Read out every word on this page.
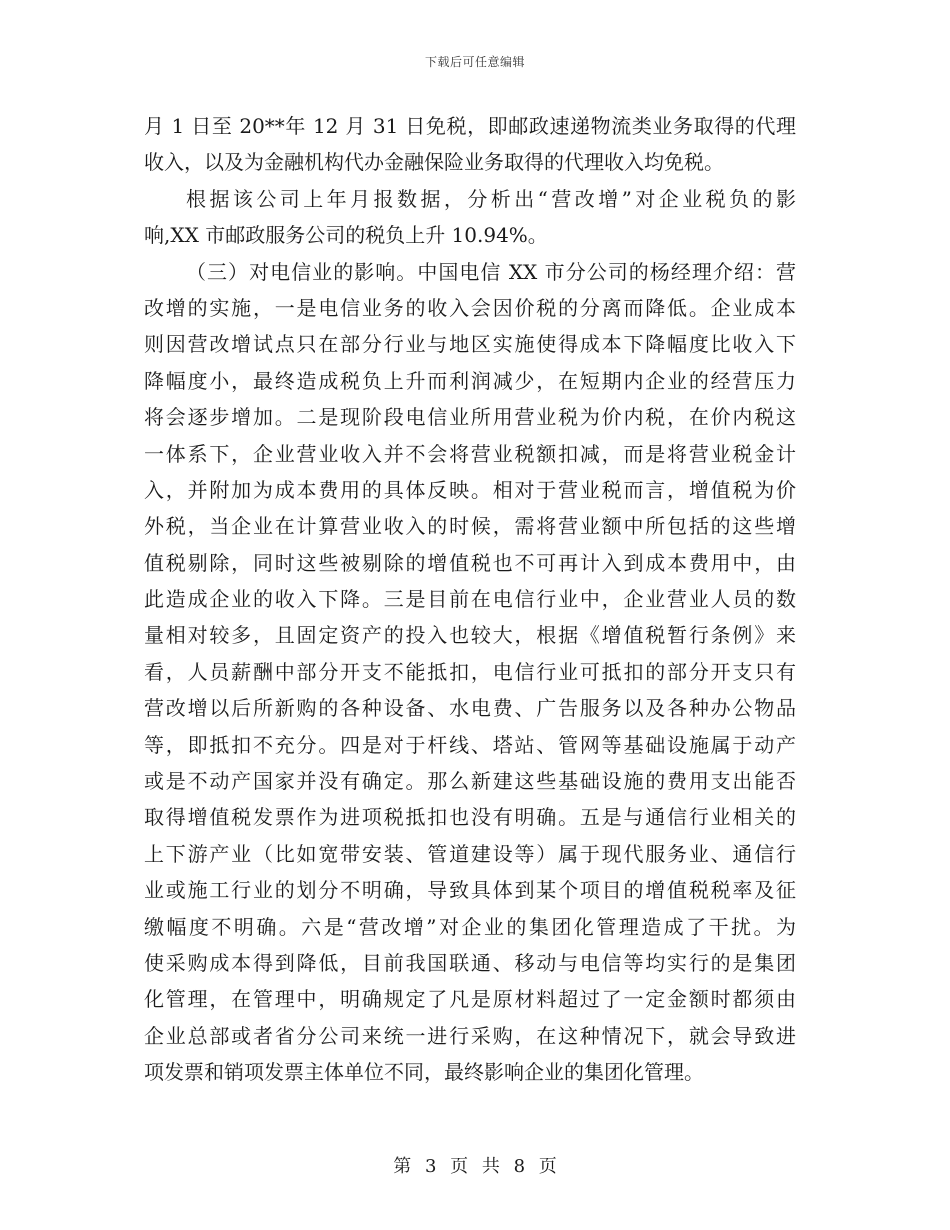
下载后可任意编辑
月 1 日至 20**年 12 月 31 日免税，即邮政速递物流类业务取得的代理
收入，以及为金融机构代办金融保险业务取得的代理收入均免税。
根据该公司上年月报数据，分析出“营改增”对企业税负的影
响,XX 市邮政服务公司的税负上升 10.94%。
（三）对电信业的影响。中国电信 XX 市分公司的杨经理介绍：营
改增的实施，一是电信业务的收入会因价税的分离而降低。企业成本
则因营改增试点只在部分行业与地区实施使得成本下降幅度比收入下
降幅度小，最终造成税负上升而利润减少，在短期内企业的经营压力
将会逐步增加。二是现阶段电信业所用营业税为价内税，在价内税这
一体系下，企业营业收入并不会将营业税额扣减，而是将营业税金计
入，并附加为成本费用的具体反映。相对于营业税而言，增值税为价
外税，当企业在计算营业收入的时候，需将营业额中所包括的这些增
值税剔除，同时这些被剔除的增值税也不可再计入到成本费用中，由
此造成企业的收入下降。三是目前在电信行业中，企业营业人员的数
量相对较多，且固定资产的投入也较大，根据《增值税暂行条例》来
看，人员薪酬中部分开支不能抵扣，电信行业可抵扣的部分开支只有
营改增以后所新购的各种设备、水电费、广告服务以及各种办公物品
等，即抵扣不充分。四是对于杆线、塔站、管网等基础设施属于动产
或是不动产国家并没有确定。那么新建这些基础设施的费用支出能否
取得增值税发票作为进项税抵扣也没有明确。五是与通信行业相关的
上下游产业（比如宽带安装、管道建设等）属于现代服务业、通信行
业或施工行业的划分不明确，导致具体到某个项目的增值税税率及征
缴幅度不明确。六是“营改增”对企业的集团化管理造成了干扰。为
使采购成本得到降低，目前我国联通、移动与电信等均实行的是集团
化管理，在管理中，明确规定了凡是原材料超过了一定金额时都须由
企业总部或者省分公司来统一进行采购，在这种情况下，就会导致进
项发票和销项发票主体单位不同，最终影响企业的集团化管理。
第 3 页 共 8 页
